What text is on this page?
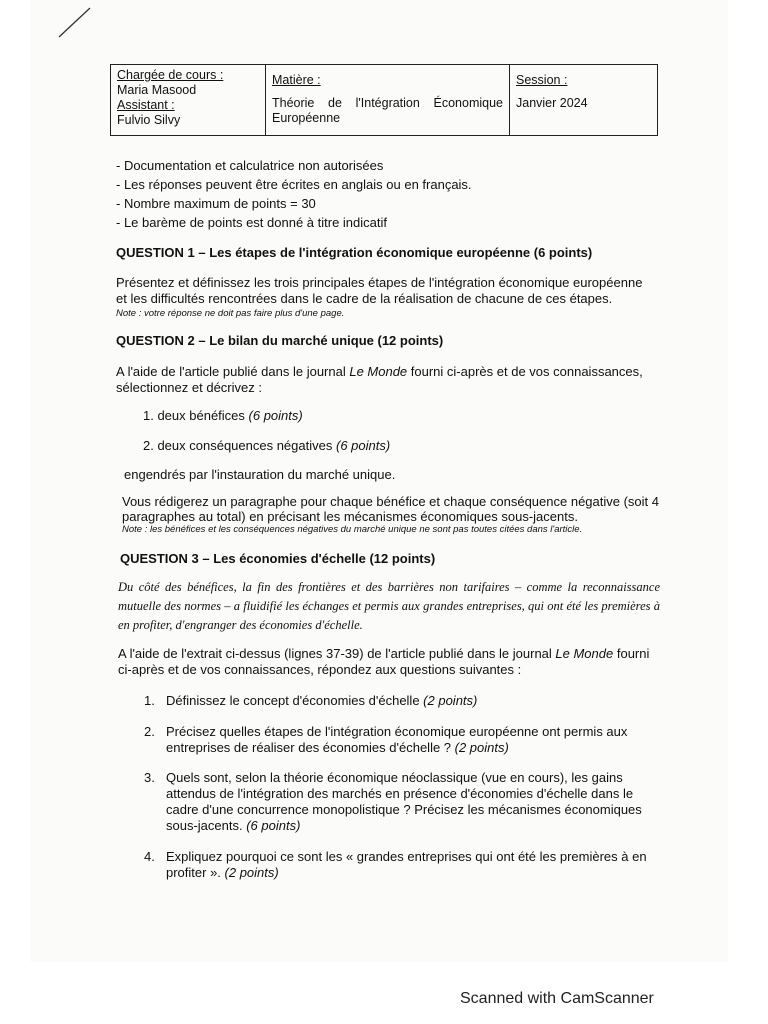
Chargée de cours :
Maria Masood
Assistant :
Fulvio Silvy
Matière :
Théorie de l'Intégration Économique Européenne
Session :
Janvier 2024
- Documentation et calculatrice non autorisées
- Les réponses peuvent être écrites en anglais ou en français.
- Nombre maximum de points = 30
- Le barème de points est donné à titre indicatif
QUESTION 1 – Les étapes de l'intégration économique européenne (6 points)
Présentez et définissez les trois principales étapes de l'intégration économique européenne
et les difficultés rencontrées dans le cadre de la réalisation de chacune de ces étapes.
Note : votre réponse ne doit pas faire plus d'une page.
QUESTION 2 – Le bilan du marché unique (12 points)
A l'aide de l'article publié dans le journal Le Monde fourni ci-après et de vos connaissances,
sélectionnez et décrivez :
1. deux bénéfices (6 points)
2. deux conséquences négatives (6 points)
engendrés par l'instauration du marché unique.
Vous rédigerez un paragraphe pour chaque bénéfice et chaque conséquence négative (soit 4
paragraphes au total) en précisant les mécanismes économiques sous-jacents.
Note : les bénéfices et les conséquences négatives du marché unique ne sont pas toutes citées dans l'article.
QUESTION 3 – Les économies d'échelle (12 points)
Du côté des bénéfices, la fin des frontières et des barrières non tarifaires – comme la reconnaissance mutuelle des normes – a fluidifié les échanges et permis aux grandes entreprises, qui ont été les premières à en profiter, d'engranger des économies d'échelle.
A l'aide de l'extrait ci-dessus (lignes 37-39) de l'article publié dans le journal Le Monde fourni
ci-après et de vos connaissances, répondez aux questions suivantes :
1. Définissez le concept d'économies d'échelle (2 points)
2. Précisez quelles étapes de l'intégration économique européenne ont permis aux
entreprises de réaliser des économies d'échelle ? (2 points)
3. Quels sont, selon la théorie économique néoclassique (vue en cours), les gains
attendus de l'intégration des marchés en présence d'économies d'échelle dans le
cadre d'une concurrence monopolistique ? Précisez les mécanismes économiques
sous-jacents. (6 points)
4. Expliquez pourquoi ce sont les « grandes entreprises qui ont été les premières à en
profiter ». (2 points)
Scanned with CamScanner
